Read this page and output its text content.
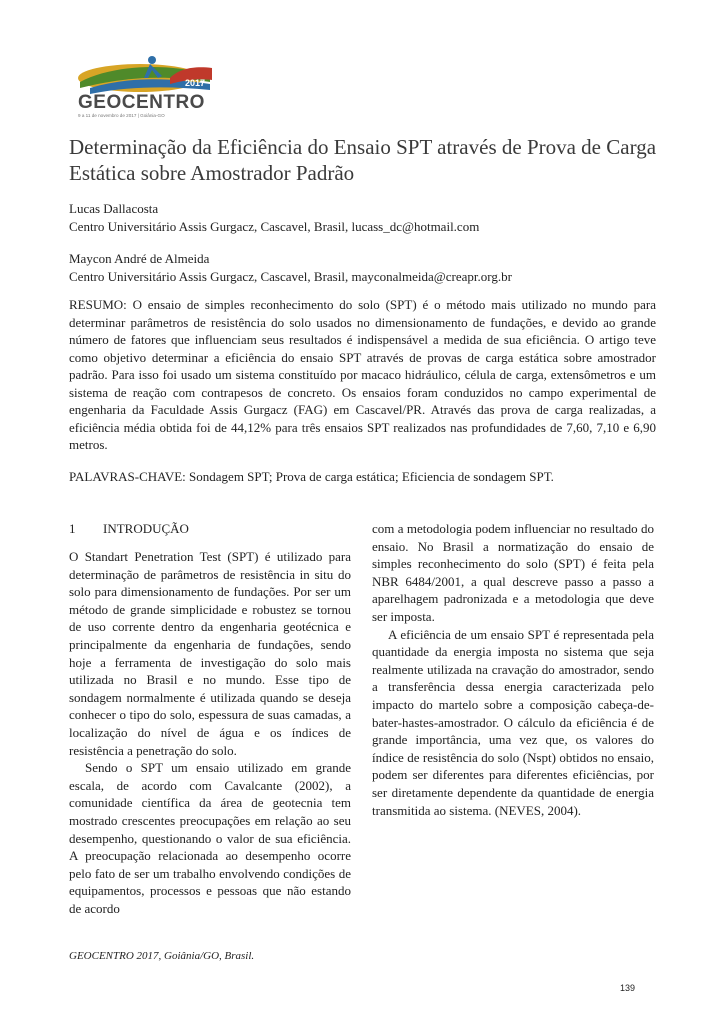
2017
GEOCENTRO
9 a 11 de novembro de 2017 | Goiânia-GO
Determinação da Eficiência do Ensaio SPT através de Prova de Carga Estática sobre Amostrador Padrão
Lucas Dallacosta
Centro Universitário Assis Gurgacz, Cascavel, Brasil, lucass_dc@hotmail.com
Maycon André de Almeida
Centro Universitário Assis Gurgacz, Cascavel, Brasil, mayconalmeida@creapr.org.br
RESUMO: O ensaio de simples reconhecimento do solo (SPT) é o método mais utilizado no mundo para determinar parâmetros de resistência do solo usados no dimensionamento de fundações, e devido ao grande número de fatores que influenciam seus resultados é indispensável a medida de sua eficiência. O artigo teve como objetivo determinar a eficiência do ensaio SPT através de provas de carga estática sobre amostrador padrão. Para isso foi usado um sistema constituído por macaco hidráulico, célula de carga, extensômetros e um sistema de reação com contrapesos de concreto. Os ensaios foram conduzidos no campo experimental de engenharia da Faculdade Assis Gurgacz (FAG) em Cascavel/PR. Através das prova de carga realizadas, a eficiência média obtida foi de 44,12% para três ensaios SPT realizados nas profundidades de 7,60, 7,10 e 6,90 metros.
PALAVRAS-CHAVE: Sondagem SPT; Prova de carga estática; Eficiencia de sondagem SPT.
1 INTRODUÇÃO

O Standart Penetration Test (SPT) é utilizado para determinação de parâmetros de resistência in situ do solo para dimensionamento de fundações. Por ser um método de grande simplicidade e robustez se tornou de uso corrente dentro da engenharia geotécnica e principalmente da engenharia de fundações, sendo hoje a ferramenta de investigação do solo mais utilizada no Brasil e no mundo. Esse tipo de sondagem normalmente é utilizada quando se deseja conhecer o tipo do solo, espessura de suas camadas, a localização do nível de água e os índices de resistência a penetração do solo.

Sendo o SPT um ensaio utilizado em grande escala, de acordo com Cavalcante (2002), a comunidade científica da área de geotecnia tem mostrado crescentes preocupações em relação ao seu desempenho, questionando o valor de sua eficiência. A preocupação relacionada ao desempenho ocorre pelo fato de ser um trabalho envolvendo condições de equipamentos, processos e pessoas que não estando de acordo

com a metodologia podem influenciar no resultado do ensaio. No Brasil a normatização do ensaio de simples reconhecimento do solo (SPT) é feita pela NBR 6484/2001, a qual descreve passo a passo a aparelhagem padronizada e a metodologia que deve ser imposta.

A eficiência de um ensaio SPT é representada pela quantidade da energia imposta no sistema que seja realmente utilizada na cravação do amostrador, sendo a transferência dessa energia caracterizada pelo impacto do martelo sobre a composição cabeça-de-bater-hastes-amostrador. O cálculo da eficiência é de grande importância, uma vez que, os valores do índice de resistência do solo (Nspt) obtidos no ensaio, podem ser diferentes para diferentes eficiências, por ser diretamente dependente da quantidade de energia transmitida ao sistema. (NEVES, 2004).

GEOCENTRO 2017, Goiânia/GO, Brasil.
139
